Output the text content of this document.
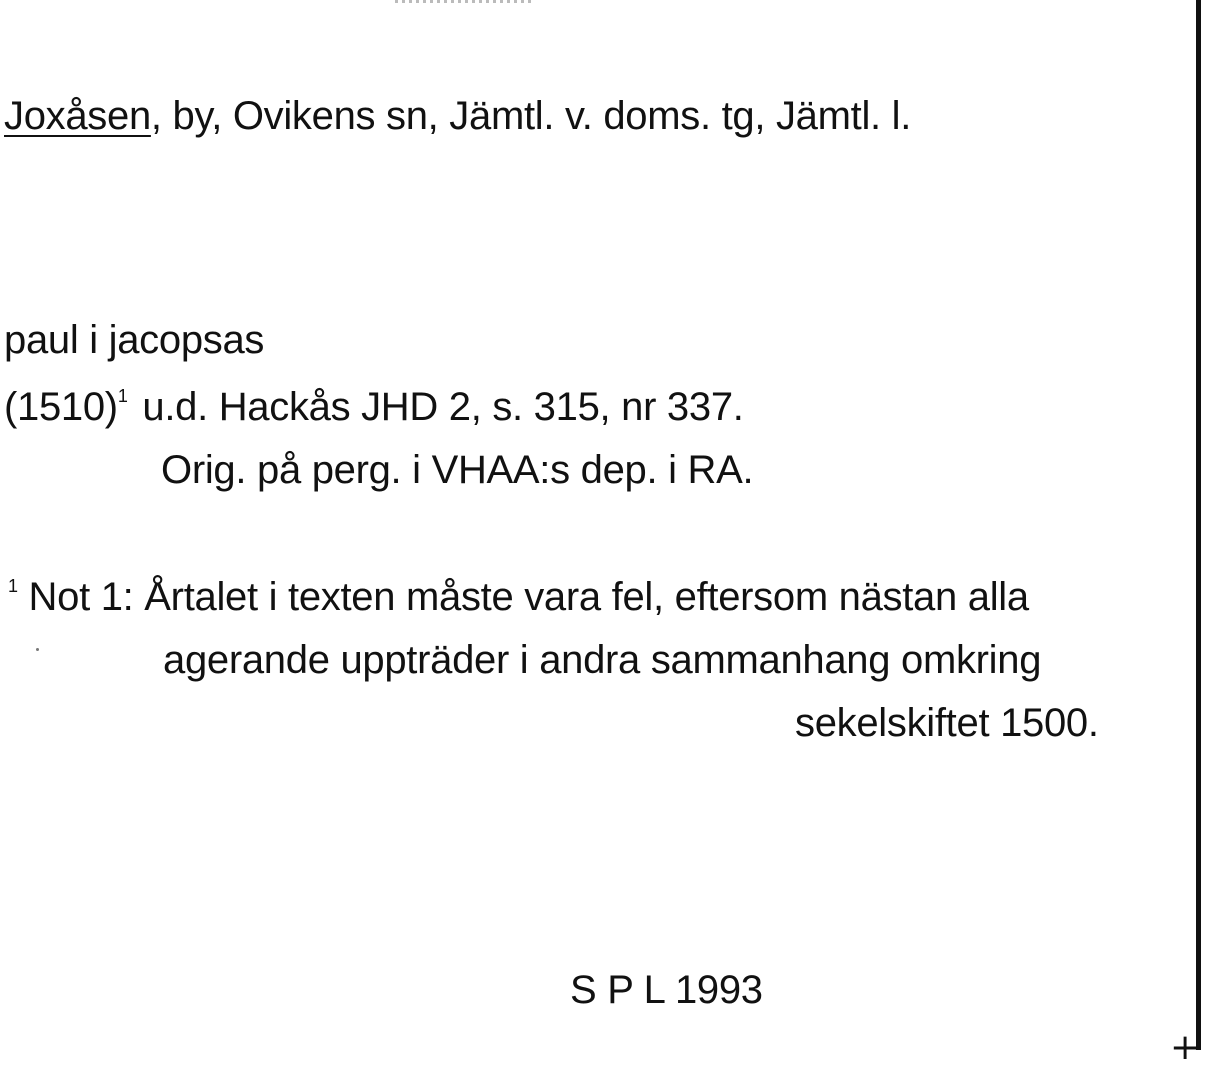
Joxåsen, by, Ovikens sn, Jämtl. v. doms. tg, Jämtl. l.
paul i jacopsas
$(1510)^1$ u.d. Hackås JHD 2, s. 315, nr 337.
Orig. på perg. i VHAA:s dep. i RA.
$^1$ Not 1: Årtalet i texten måste vara fel, eftersom nästan alla
agerande uppträder i andra sammanhang omkring
sekelskiftet 1500.
S P L 1993
+
